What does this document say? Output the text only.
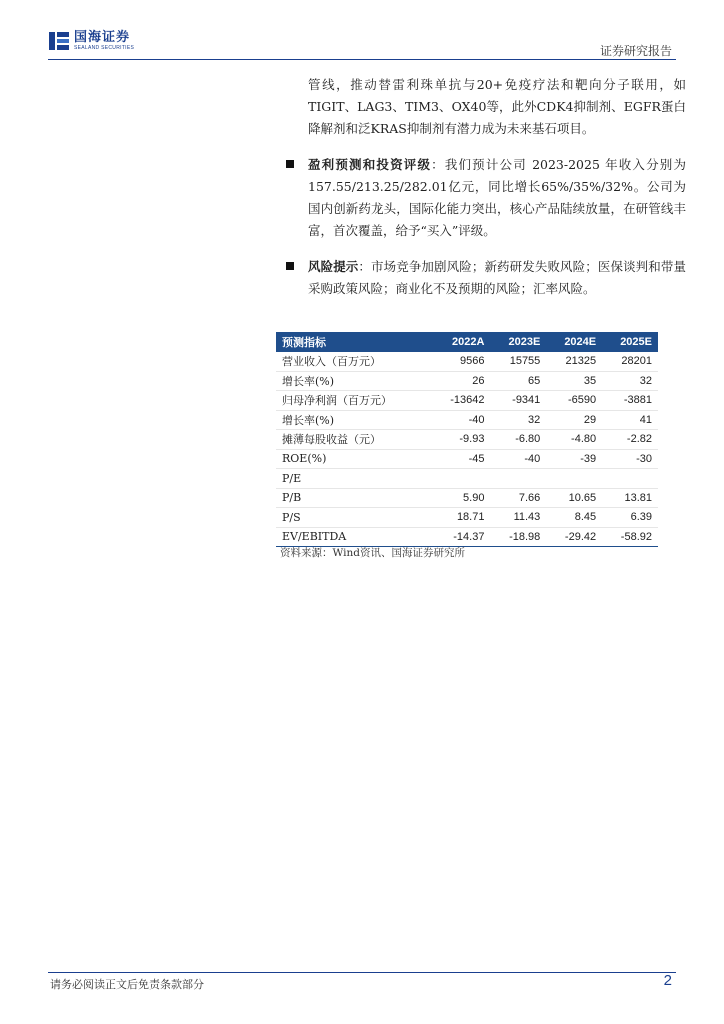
国海证券
SEALAND SECURITIES	证券研究报告

管线，推动替雷利珠单抗与20+免疫疗法和靶向分子联用，如TIGIT、LAG3、TIM3、OX40等，此外CDK4抑制剂、EGFR蛋白降解剂和泛KRAS抑制剂有潜力成为未来基石项目。

盈利预测和投资评级：我们预计公司 2023-2025 年收入分别为157.55/213.25/282.01亿元，同比增长65%/35%/32%。公司为国内创新药龙头，国际化能力突出，核心产品陆续放量，在研管线丰富，首次覆盖，给予“买入”评级。

风险提示：市场竞争加剧风险；新药研发失败风险；医保谈判和带量采购政策风险；商业化不及预期的风险；汇率风险。

预测指标	2022A	2023E	2024E	2025E
营业收入（百万元）	9566	15755	21325	28201
增长率(%)	26	65	35	32
归母净利润（百万元）	-13642	-9341	-6590	-3881
增长率(%)	-40	32	29	41
摊薄每股收益（元）	-9.93	-6.80	-4.80	-2.82
ROE(%)	-45	-40	-39	-30
P/E				
P/B	5.90	7.66	10.65	13.81
P/S	18.71	11.43	8.45	6.39
EV/EBITDA	-14.37	-18.98	-29.42	-58.92
资料来源：Wind资讯、国海证券研究所
请务必阅读正文后免责条款部分	2
